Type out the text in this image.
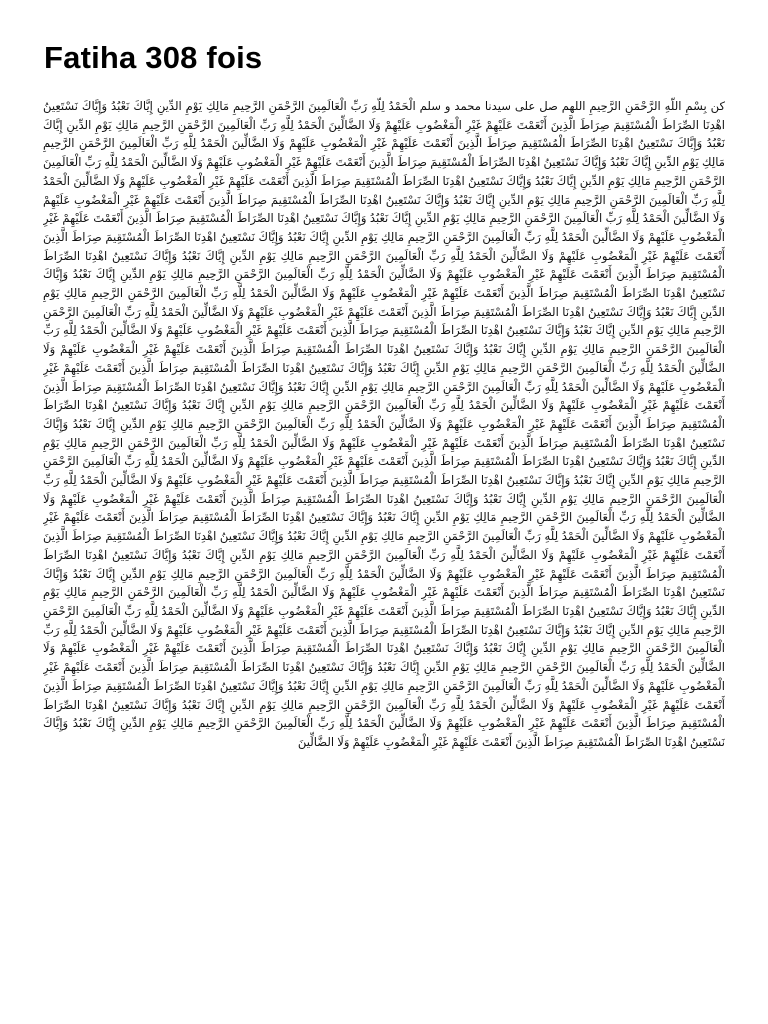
Fatiha 308 fois
كن بِسْمِ اللَّهِ الرَّحْمَنِ الرَّحِيمِ اللهم صل على سيدنا محمد و سلم الْحَمْدُ لِلَّهِ رَبِّ الْعَالَمِينَ الرَّحْمَنِ الرَّحِيمِ مَالِكِ يَوْمِ الدِّينِ إِيَّاكَ نَعْبُدُ وَإِيَّاكَ نَسْتَعِينُ اهْدِنَا الصِّرَاطَ الْمُسْتَقِيمَ صِرَاطَ الَّذِينَ أَنْعَمْتَ عَلَيْهِمْ غَيْرِ الْمَغْضُوبِ عَلَيْهِمْ وَلَا الضَّالِّينَ الْحَمْدُ لِلَّهِ رَبِّ الْعَالَمِينَ الرَّحْمَنِ الرَّحِيمِ مَالِكِ يَوْمِ الدِّينِ إِيَّاكَ نَعْبُدُ وَإِيَّاكَ نَسْتَعِينُ اهْدِنَا الصِّرَاطَ الْمُسْتَقِيمَ صِرَاطَ الَّذِينَ أَنْعَمْتَ عَلَيْهِمْ غَيْرِ الْمَغْضُوبِ عَلَيْهِمْ وَلَا الضَّالِّينَ الْحَمْدُ لِلَّهِ رَبِّ الْعَالَمِينَ الرَّحْمَنِ الرَّحِيمِ مَالِكِ يَوْمِ الدِّينِ إِيَّاكَ نَعْبُدُ وَإِيَّاكَ نَسْتَعِينُ اهْدِنَا الصِّرَاطَ الْمُسْتَقِيمَ صِرَاطَ الَّذِينَ أَنْعَمْتَ عَلَيْهِمْ غَيْرِ الْمَغْضُوبِ عَلَيْهِمْ وَلَا الضَّالِّينَ الْحَمْدُ لِلَّهِ رَبِّ الْعَالَمِينَ الرَّحْمَنِ الرَّحِيمِ مَالِكِ يَوْمِ الدِّينِ إِيَّاكَ نَعْبُدُ وَإِيَّاكَ نَسْتَعِينُ اهْدِنَا الصِّرَاطَ الْمُسْتَقِيمَ صِرَاطَ الَّذِينَ أَنْعَمْتَ عَلَيْهِمْ غَيْرِ الْمَغْضُوبِ عَلَيْهِمْ وَلَا الضَّالِّينَ الْحَمْدُ لِلَّهِ رَبِّ الْعَالَمِينَ الرَّحْمَنِ الرَّحِيمِ مَالِكِ يَوْمِ الدِّينِ إِيَّاكَ نَعْبُدُ وَإِيَّاكَ نَسْتَعِينُ اهْدِنَا الصِّرَاطَ الْمُسْتَقِيمَ صِرَاطَ الَّذِينَ أَنْعَمْتَ عَلَيْهِمْ غَيْرِ الْمَغْضُوبِ عَلَيْهِمْ وَلَا الضَّالِّينَ الْحَمْدُ لِلَّهِ رَبِّ الْعَالَمِينَ الرَّحْمَنِ الرَّحِيمِ مَالِكِ يَوْمِ الدِّينِ إِيَّاكَ نَعْبُدُ وَإِيَّاكَ نَسْتَعِينُ اهْدِنَا الصِّرَاطَ الْمُسْتَقِيمَ صِرَاطَ الَّذِينَ أَنْعَمْتَ عَلَيْهِمْ غَيْرِ الْمَغْضُوبِ عَلَيْهِمْ وَلَا الضَّالِّينَ الْحَمْدُ لِلَّهِ رَبِّ الْعَالَمِينَ الرَّحْمَنِ الرَّحِيمِ مَالِكِ يَوْمِ الدِّينِ إِيَّاكَ نَعْبُدُ وَإِيَّاكَ نَسْتَعِينُ اهْدِنَا الصِّرَاطَ الْمُسْتَقِيمَ صِرَاطَ الَّذِينَ أَنْعَمْتَ عَلَيْهِمْ غَيْرِ الْمَغْضُوبِ عَلَيْهِمْ وَلَا الضَّالِّينَ الْحَمْدُ لِلَّهِ رَبِّ الْعَالَمِينَ الرَّحْمَنِ الرَّحِيمِ مَالِكِ يَوْمِ الدِّينِ إِيَّاكَ نَعْبُدُ وَإِيَّاكَ نَسْتَعِينُ اهْدِنَا الصِّرَاطَ الْمُسْتَقِيمَ صِرَاطَ الَّذِينَ أَنْعَمْتَ عَلَيْهِمْ غَيْرِ الْمَغْضُوبِ عَلَيْهِمْ وَلَا الضَّالِّينَ الْحَمْدُ لِلَّهِ رَبِّ الْعَالَمِينَ الرَّحْمَنِ الرَّحِيمِ مَالِكِ يَوْمِ الدِّينِ إِيَّاكَ نَعْبُدُ وَإِيَّاكَ نَسْتَعِينُ اهْدِنَا الصِّرَاطَ الْمُسْتَقِيمَ صِرَاطَ الَّذِينَ أَنْعَمْتَ عَلَيْهِمْ غَيْرِ الْمَغْضُوبِ عَلَيْهِمْ وَلَا الضَّالِّينَ الْحَمْدُ لِلَّهِ رَبِّ الْعَالَمِينَ الرَّحْمَنِ الرَّحِيمِ مَالِكِ يَوْمِ الدِّينِ إِيَّاكَ نَعْبُدُ وَإِيَّاكَ نَسْتَعِينُ اهْدِنَا الصِّرَاطَ الْمُسْتَقِيمَ صِرَاطَ الَّذِينَ أَنْعَمْتَ عَلَيْهِمْ غَيْرِ الْمَغْضُوبِ عَلَيْهِمْ وَلَا الضَّالِّينَ الْحَمْدُ لِلَّهِ رَبِّ الْعَالَمِينَ الرَّحْمَنِ الرَّحِيمِ مَالِكِ يَوْمِ الدِّينِ إِيَّاكَ نَعْبُدُ وَإِيَّاكَ نَسْتَعِينُ اهْدِنَا الصِّرَاطَ الْمُسْتَقِيمَ صِرَاطَ الَّذِينَ أَنْعَمْتَ عَلَيْهِمْ غَيْرِ الْمَغْضُوبِ عَلَيْهِمْ وَلَا الضَّالِّينَ الْحَمْدُ لِلَّهِ رَبِّ الْعَالَمِينَ الرَّحْمَنِ الرَّحِيمِ مَالِكِ يَوْمِ الدِّينِ إِيَّاكَ نَعْبُدُ وَإِيَّاكَ نَسْتَعِينُ اهْدِنَا الصِّرَاطَ الْمُسْتَقِيمَ صِرَاطَ الَّذِينَ أَنْعَمْتَ عَلَيْهِمْ غَيْرِ الْمَغْضُوبِ عَلَيْهِمْ وَلَا الضَّالِّينَ الْحَمْدُ لِلَّهِ رَبِّ الْعَالَمِينَ الرَّحْمَنِ الرَّحِيمِ مَالِكِ يَوْمِ الدِّينِ إِيَّاكَ نَعْبُدُ وَإِيَّاكَ نَسْتَعِينُ اهْدِنَا الصِّرَاطَ الْمُسْتَقِيمَ صِرَاطَ الَّذِينَ أَنْعَمْتَ عَلَيْهِمْ غَيْرِ الْمَغْضُوبِ عَلَيْهِمْ وَلَا الضَّالِّينَ الْحَمْدُ لِلَّهِ رَبِّ الْعَالَمِينَ الرَّحْمَنِ الرَّحِيمِ مَالِكِ يَوْمِ الدِّينِ إِيَّاكَ نَعْبُدُ وَإِيَّاكَ نَسْتَعِينُ اهْدِنَا الصِّرَاطَ الْمُسْتَقِيمَ صِرَاطَ الَّذِينَ أَنْعَمْتَ عَلَيْهِمْ غَيْرِ الْمَغْضُوبِ عَلَيْهِمْ وَلَا الضَّالِّينَ الْحَمْدُ لِلَّهِ رَبِّ الْعَالَمِينَ الرَّحْمَنِ الرَّحِيمِ مَالِكِ يَوْمِ الدِّينِ إِيَّاكَ نَعْبُدُ وَإِيَّاكَ نَسْتَعِينُ اهْدِنَا الصِّرَاطَ الْمُسْتَقِيمَ صِرَاطَ الَّذِينَ أَنْعَمْتَ عَلَيْهِمْ غَيْرِ الْمَغْضُوبِ عَلَيْهِمْ وَلَا الضَّالِّينَ الْحَمْدُ لِلَّهِ رَبِّ الْعَالَمِينَ الرَّحْمَنِ الرَّحِيمِ مَالِكِ يَوْمِ الدِّينِ إِيَّاكَ نَعْبُدُ وَإِيَّاكَ نَسْتَعِينُ اهْدِنَا الصِّرَاطَ الْمُسْتَقِيمَ صِرَاطَ الَّذِينَ أَنْعَمْتَ عَلَيْهِمْ غَيْرِ الْمَغْضُوبِ عَلَيْهِمْ وَلَا الضَّالِّينَ الْحَمْدُ لِلَّهِ رَبِّ الْعَالَمِينَ الرَّحْمَنِ الرَّحِيمِ مَالِكِ يَوْمِ الدِّينِ إِيَّاكَ نَعْبُدُ وَإِيَّاكَ نَسْتَعِينُ اهْدِنَا الصِّرَاطَ الْمُسْتَقِيمَ صِرَاطَ الَّذِينَ أَنْعَمْتَ عَلَيْهِمْ غَيْرِ الْمَغْضُوبِ عَلَيْهِمْ وَلَا الضَّالِّينَ الْحَمْدُ لِلَّهِ رَبِّ الْعَالَمِينَ الرَّحْمَنِ الرَّحِيمِ مَالِكِ يَوْمِ الدِّينِ إِيَّاكَ نَعْبُدُ وَإِيَّاكَ نَسْتَعِينُ اهْدِنَا الصِّرَاطَ الْمُسْتَقِيمَ صِرَاطَ الَّذِينَ أَنْعَمْتَ عَلَيْهِمْ غَيْرِ الْمَغْضُوبِ عَلَيْهِمْ وَلَا الضَّالِّينَ الْحَمْدُ لِلَّهِ رَبِّ الْعَالَمِينَ الرَّحْمَنِ الرَّحِيمِ مَالِكِ يَوْمِ الدِّينِ إِيَّاكَ نَعْبُدُ وَإِيَّاكَ نَسْتَعِينُ اهْدِنَا الصِّرَاطَ الْمُسْتَقِيمَ صِرَاطَ الَّذِينَ أَنْعَمْتَ عَلَيْهِمْ غَيْرِ الْمَغْضُوبِ عَلَيْهِمْ وَلَا الضَّالِّينَ الْحَمْدُ لِلَّهِ رَبِّ الْعَالَمِينَ الرَّحْمَنِ الرَّحِيمِ مَالِكِ يَوْمِ الدِّينِ إِيَّاكَ نَعْبُدُ وَإِيَّاكَ نَسْتَعِينُ اهْدِنَا الصِّرَاطَ الْمُسْتَقِيمَ صِرَاطَ الَّذِينَ أَنْعَمْتَ عَلَيْهِمْ غَيْرِ الْمَغْضُوبِ عَلَيْهِمْ وَلَا الضَّالِّينَ الْحَمْدُ لِلَّهِ رَبِّ الْعَالَمِينَ الرَّحْمَنِ الرَّحِيمِ مَالِكِ يَوْمِ الدِّينِ إِيَّاكَ نَعْبُدُ وَإِيَّاكَ نَسْتَعِينُ اهْدِنَا الصِّرَاطَ الْمُسْتَقِيمَ صِرَاطَ الَّذِينَ أَنْعَمْتَ عَلَيْهِمْ غَيْرِ الْمَغْضُوبِ عَلَيْهِمْ وَلَا الضَّالِّينَ الْحَمْدُ لِلَّهِ رَبِّ الْعَالَمِينَ الرَّحْمَنِ الرَّحِيمِ مَالِكِ يَوْمِ الدِّينِ إِيَّاكَ نَعْبُدُ وَإِيَّاكَ نَسْتَعِينُ اهْدِنَا الصِّرَاطَ الْمُسْتَقِيمَ صِرَاطَ الَّذِينَ أَنْعَمْتَ عَلَيْهِمْ غَيْرِ الْمَغْضُوبِ عَلَيْهِمْ وَلَا الضَّالِّينَ الْحَمْدُ لِلَّهِ رَبِّ الْعَالَمِينَ الرَّحْمَنِ الرَّحِيمِ مَالِكِ يَوْمِ الدِّينِ إِيَّاكَ نَعْبُدُ وَإِيَّاكَ نَسْتَعِينُ اهْدِنَا الصِّرَاطَ الْمُسْتَقِيمَ صِرَاطَ الَّذِينَ أَنْعَمْتَ عَلَيْهِمْ غَيْرِ الْمَغْضُوبِ عَلَيْهِمْ وَلَا الضَّالِّينَ الْحَمْدُ لِلَّهِ رَبِّ الْعَالَمِينَ الرَّحْمَنِ الرَّحِيمِ مَالِكِ يَوْمِ الدِّينِ إِيَّاكَ نَعْبُدُ وَإِيَّاكَ نَسْتَعِينُ اهْدِنَا الصِّرَاطَ الْمُسْتَقِيمَ صِرَاطَ الَّذِينَ أَنْعَمْتَ عَلَيْهِمْ غَيْرِ الْمَغْضُوبِ عَلَيْهِمْ وَلَا الضَّالِّينَ الْحَمْدُ لِلَّهِ رَبِّ الْعَالَمِينَ الرَّحْمَنِ الرَّحِيمِ مَالِكِ يَوْمِ الدِّينِ إِيَّاكَ نَعْبُدُ وَإِيَّاكَ نَسْتَعِينُ اهْدِنَا الصِّرَاطَ الْمُسْتَقِيمَ صِرَاطَ الَّذِينَ أَنْعَمْتَ عَلَيْهِمْ غَيْرِ الْمَغْضُوبِ عَلَيْهِمْ وَلَا الضَّالِّينَ الْحَمْدُ لِلَّهِ رَبِّ الْعَالَمِينَ الرَّحْمَنِ الرَّحِيمِ مَالِكِ يَوْمِ الدِّينِ إِيَّاكَ نَعْبُدُ وَإِيَّاكَ نَسْتَعِينُ اهْدِنَا الصِّرَاطَ الْمُسْتَقِيمَ صِرَاطَ الَّذِينَ أَنْعَمْتَ عَلَيْهِمْ غَيْرِ الْمَغْضُوبِ عَلَيْهِمْ وَلَا الضَّالِّينَ الْحَمْدُ لِلَّهِ رَبِّ الْعَالَمِينَ الرَّحْمَنِ الرَّحِيمِ مَالِكِ يَوْمِ الدِّينِ إِيَّاكَ نَعْبُدُ وَإِيَّاكَ نَسْتَعِينُ اهْدِنَا الصِّرَاطَ الْمُسْتَقِيمَ صِرَاطَ الَّذِينَ أَنْعَمْتَ عَلَيْهِمْ غَيْرِ الْمَغْضُوبِ عَلَيْهِمْ وَلَا الضَّالِّينَ الْحَمْدُ لِلَّهِ رَبِّ الْعَالَمِينَ الرَّحْمَنِ الرَّحِيمِ مَالِكِ يَوْمِ الدِّينِ إِيَّاكَ نَعْبُدُ وَإِيَّاكَ نَسْتَعِينُ اهْدِنَا الصِّرَاطَ الْمُسْتَقِيمَ صِرَاطَ الَّذِينَ أَنْعَمْتَ عَلَيْهِمْ غَيْرِ الْمَغْضُوبِ عَلَيْهِمْ وَلَا الضَّالِّينَ الْحَمْدُ لِلَّهِ رَبِّ الْعَالَمِينَ الرَّحْمَنِ الرَّحِيمِ مَالِكِ يَوْمِ الدِّينِ إِيَّاكَ نَعْبُدُ وَإِيَّاكَ نَسْتَعِينُ اهْدِنَا الصِّرَاطَ الْمُسْتَقِيمَ صِرَاطَ الَّذِينَ أَنْعَمْتَ عَلَيْهِمْ غَيْرِ الْمَغْضُوبِ عَلَيْهِمْ وَلَا الضَّالِّينَ الْحَمْدُ لِلَّهِ رَبِّ الْعَالَمِينَ الرَّحْمَنِ الرَّحِيمِ مَالِكِ يَوْمِ الدِّينِ إِيَّاكَ نَعْبُدُ وَإِيَّاكَ نَسْتَعِينُ اهْدِنَا الصِّرَاطَ الْمُسْتَقِيمَ صِرَاطَ الَّذِينَ أَنْعَمْتَ عَلَيْهِمْ غَيْرِ الْمَغْضُوبِ عَلَيْهِمْ وَلَا الضَّالِّينَ
